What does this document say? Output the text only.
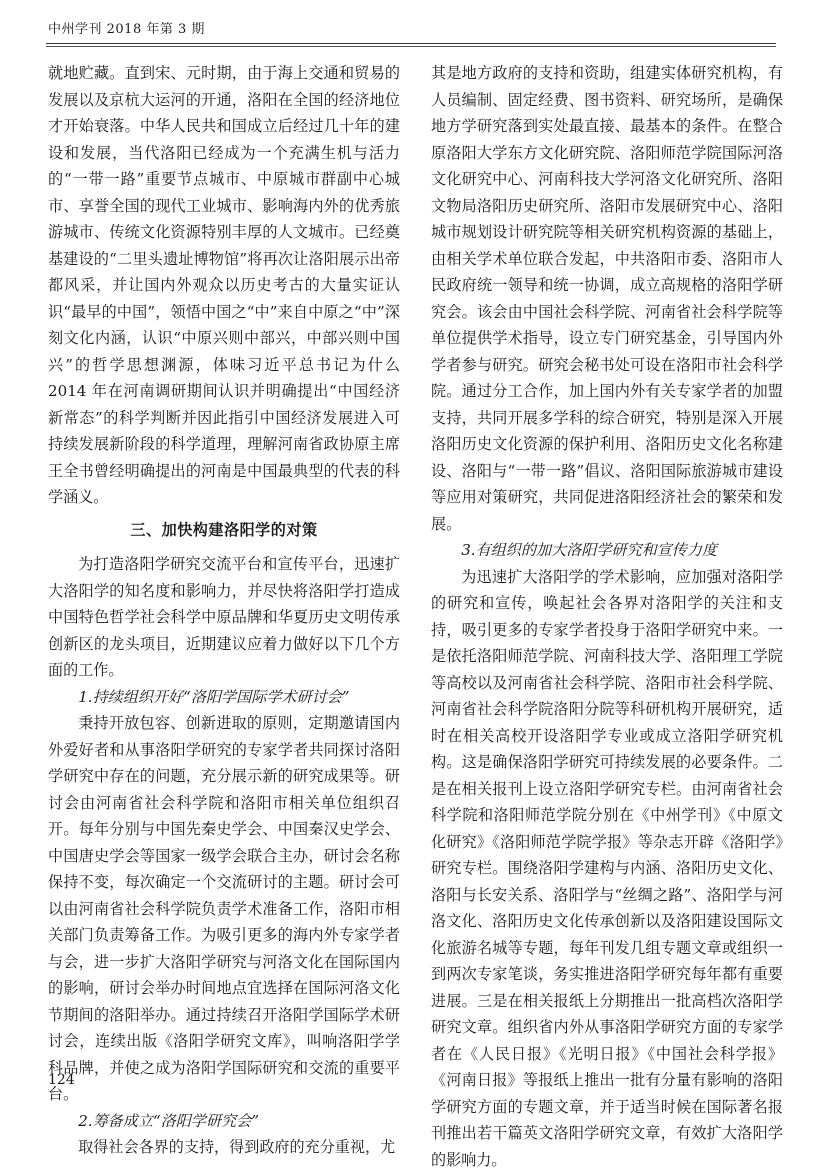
中州学刊 2018 年第 3 期

就地贮藏。直到宋、元时期，由于海上交通和贸易的发展以及京杭大运河的开通，洛阳在全国的经济地位才开始衰落。中华人民共和国成立后经过几十年的建设和发展，当代洛阳已经成为一个充满生机与活力的“一带一路”重要节点城市、中原城市群副中心城市、享誉全国的现代工业城市、影响海内外的优秀旅游城市、传统文化资源特别丰厚的人文城市。已经奠基建设的“二里头遗址博物馆”将再次让洛阳展示出帝都风采，并让国内外观众以历史考古的大量实证认识“最早的中国”，领悟中国之“中”来自中原之“中”深刻文化内涵，认识“中原兴则中部兴，中部兴则中国兴”的哲学思想渊源，体味习近平总书记为什么 2014 年在河南调研期间认识并明确提出“中国经济新常态”的科学判断并因此指引中国经济发展进入可持续发展新阶段的科学道理，理解河南省政协原主席王全书曾经明确提出的河南是中国最典型的代表的科学涵义。

三、加快构建洛阳学的对策

为打造洛阳学研究交流平台和宣传平台，迅速扩大洛阳学的知名度和影响力，并尽快将洛阳学打造成中国特色哲学社会科学中原品牌和华夏历史文明传承创新区的龙头项目，近期建议应着力做好以下几个方面的工作。

1.持续组织开好“洛阳学国际学术研讨会”

秉持开放包容、创新进取的原则，定期邀请国内外爱好者和从事洛阳学研究的专家学者共同探讨洛阳学研究中存在的问题，充分展示新的研究成果等。研讨会由河南省社会科学院和洛阳市相关单位组织召开。每年分别与中国先秦史学会、中国秦汉史学会、中国唐史学会等国家一级学会联合主办，研讨会名称保持不变，每次确定一个交流研讨的主题。研讨会可以由河南省社会科学院负责学术准备工作，洛阳市相关部门负责筹备工作。为吸引更多的海内外专家学者与会，进一步扩大洛阳学研究与河洛文化在国际国内的影响，研讨会举办时间地点宜选择在国际河洛文化节期间的洛阳举办。通过持续召开洛阳学国际学术研讨会，连续出版《洛阳学研究文库》，叫响洛阳学学科品牌，并使之成为洛阳学国际研究和交流的重要平台。

2.筹备成立“洛阳学研究会”

取得社会各界的支持，得到政府的充分重视，尤

其是地方政府的支持和资助，组建实体研究机构，有人员编制、固定经费、图书资料、研究场所，是确保地方学研究落到实处最直接、最基本的条件。在整合原洛阳大学东方文化研究院、洛阳师范学院国际河洛文化研究中心、河南科技大学河洛文化研究所、洛阳文物局洛阳历史研究所、洛阳市发展研究中心、洛阳城市规划设计研究院等相关研究机构资源的基础上，由相关学术单位联合发起，中共洛阳市委、洛阳市人民政府统一领导和统一协调，成立高规格的洛阳学研究会。该会由中国社会科学院、河南省社会科学院等单位提供学术指导，设立专门研究基金，引导国内外学者参与研究。研究会秘书处可设在洛阳市社会科学院。通过分工合作，加上国内外有关专家学者的加盟支持，共同开展多学科的综合研究，特别是深入开展洛阳历史文化资源的保护利用、洛阳历史文化名称建设、洛阳与“一带一路”倡议、洛阳国际旅游城市建设等应用对策研究，共同促进洛阳经济社会的繁荣和发展。

3.有组织的加大洛阳学研究和宣传力度

为迅速扩大洛阳学的学术影响，应加强对洛阳学的研究和宣传，唤起社会各界对洛阳学的关注和支持，吸引更多的专家学者投身于洛阳学研究中来。一是依托洛阳师范学院、河南科技大学、洛阳理工学院等高校以及河南省社会科学院、洛阳市社会科学院、河南省社会科学院洛阳分院等科研机构开展研究，适时在相关高校开设洛阳学专业或成立洛阳学研究机构。这是确保洛阳学研究可持续发展的必要条件。二是在相关报刊上设立洛阳学研究专栏。由河南省社会科学院和洛阳师范学院分别在《中州学刊》《中原文化研究》《洛阳师范学院学报》等杂志开辟《洛阳学》研究专栏。围绕洛阳学建构与内涵、洛阳历史文化、洛阳与长安关系、洛阳学与“丝绸之路”、洛阳学与河洛文化、洛阳历史文化传承创新以及洛阳建设国际文化旅游名城等专题，每年刊发几组专题文章或组织一到两次专家笔谈，务实推进洛阳学研究每年都有重要进展。三是在相关报纸上分期推出一批高档次洛阳学研究文章。组织省内外从事洛阳学研究方面的专家学者在《人民日报》《光明日报》《中国社会科学报》《河南日报》等报纸上推出一批有分量有影响的洛阳学研究方面的专题文章，并于适当时候在国际著名报刊推出若干篇英文洛阳学研究文章，有效扩大洛阳学的影响力。

124
